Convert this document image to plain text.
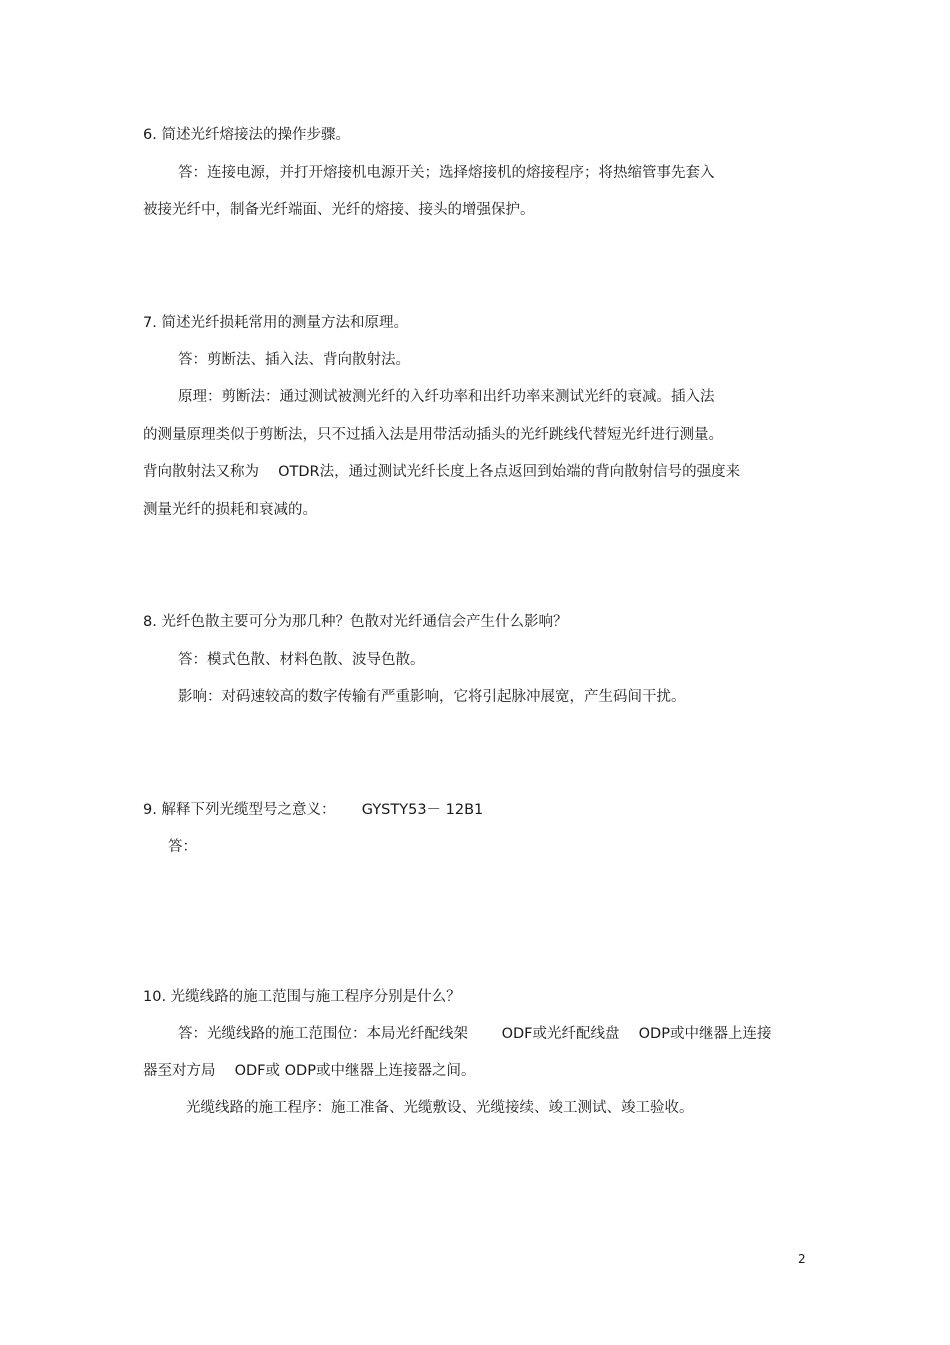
6. 简述光纤熔接法的操作步骤。
答：连接电源，并打开熔接机电源开关；选择熔接机的熔接程序；将热缩管事先套入
被接光纤中，制备光纤端面、光纤的熔接、接头的增强保护。
7. 简述光纤损耗常用的测量方法和原理。
答：剪断法、插入法、背向散射法。
原理：剪断法：通过测试被测光纤的入纤功率和出纤功率来测试光纤的衰减。插入法
的测量原理类似于剪断法，只不过插入法是用带活动插头的光纤跳线代替短光纤进行测量。
背向散射法又称为　 OTDR法，通过测试光纤长度上各点返回到始端的背向散射信号的强度来
测量光纤的损耗和衰减的。
8. 光纤色散主要可分为那几种？色散对光纤通信会产生什么影响？
答：模式色散、材料色散、波导色散。
影响：对码速较高的数字传输有严重影响，它将引起脉冲展宽，产生码间干扰。
9. 解释下列光缆型号之意义：　　 GYSTY53－ 12B1
答：
10. 光缆线路的施工范围与施工程序分别是什么？
答：光缆线路的施工范围位：本局光纤配线架　　 ODF或光纤配线盘　 ODP或中继器上连接
器至对方局　 ODF或 ODP或中继器上连接器之间。
光缆线路的施工程序：施工准备、光缆敷设、光缆接续、竣工测试、竣工验收。
2
